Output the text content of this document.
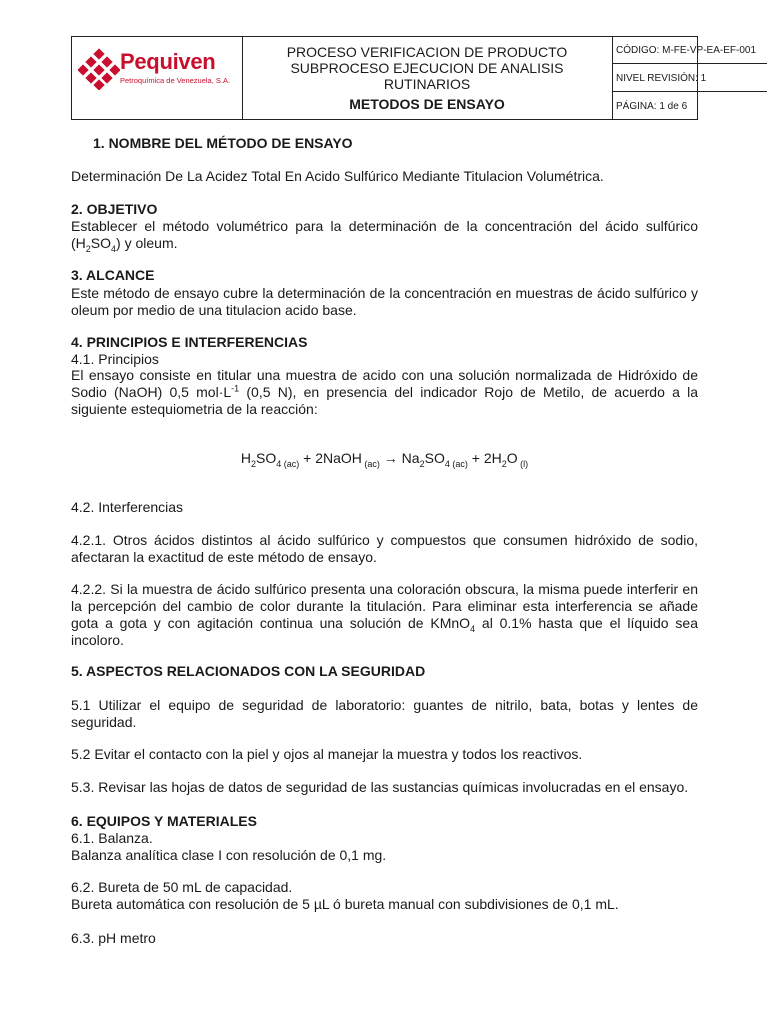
Pequiven
Petroquímica de Venezuela, S.A.
PROCESO VERIFICACION DE PRODUCTO
SUBPROCESO EJECUCION DE ANALISIS
RUTINARIOS
METODOS DE ENSAYO
CÓDIGO: M-FE-VP-EA-EF-001
NIVEL REVISIÓN: 1
PÁGINA: 1 de 6
1. NOMBRE DEL MÉTODO DE ENSAYO
Determinación De La Acidez Total En Acido Sulfúrico Mediante Titulacion Volumétrica.
2. OBJETIVO
Establecer el método volumétrico para la determinación de la concentración del ácido sulfúrico $(H_2SO_4)$ y oleum.
3. ALCANCE
Este método de ensayo cubre la determinación de la concentración en muestras de ácido sulfúrico y oleum por medio de una titulacion acido base.
4. PRINCIPIOS E INTERFERENCIAS
4.1. Principios
El ensayo consiste en titular una muestra de acido con una solución normalizada de Hidróxido de Sodio (NaOH) 0,5 $mol\cdot L^{-1}$ (0,5 N), en presencia del indicador Rojo de Metilo, de acuerdo a la siguiente estequiometria de la reacción:
$H_2SO_4$ $_{(ac)}$ + 2NaOH $_{(ac)} \to Na_2SO_4$ $_{(ac)} + 2H_2O$ $_{(l)}$
4.2. Interferencias
4.2.1. Otros ácidos distintos al ácido sulfúrico y compuestos que consumen hidróxido de sodio, afectaran la exactitud de este método de ensayo.
4.2.2. Si la muestra de ácido sulfúrico presenta una coloración obscura, la misma puede interferir en la percepción del cambio de color durante la titulación. Para eliminar esta interferencia se añade gota a gota y con agitación continua una solución de KMnO$_4$ al 0.1% hasta que el líquido sea incoloro.
5. ASPECTOS RELACIONADOS CON LA SEGURIDAD
5.1 Utilizar el equipo de seguridad de laboratorio: guantes de nitrilo, bata, botas y lentes de seguridad.
5.2 Evitar el contacto con la piel y ojos al manejar la muestra y todos los reactivos.
5.3. Revisar las hojas de datos de seguridad de las sustancias químicas involucradas en el ensayo.
6. EQUIPOS Y MATERIALES
6.1. Balanza.
Balanza analítica clase I con resolución de 0,1 mg.
6.2. Bureta de 50 mL de capacidad.
Bureta automática con resolución de 5 µL ó bureta manual con subdivisiones de 0,1 mL.
6.3. pH metro
